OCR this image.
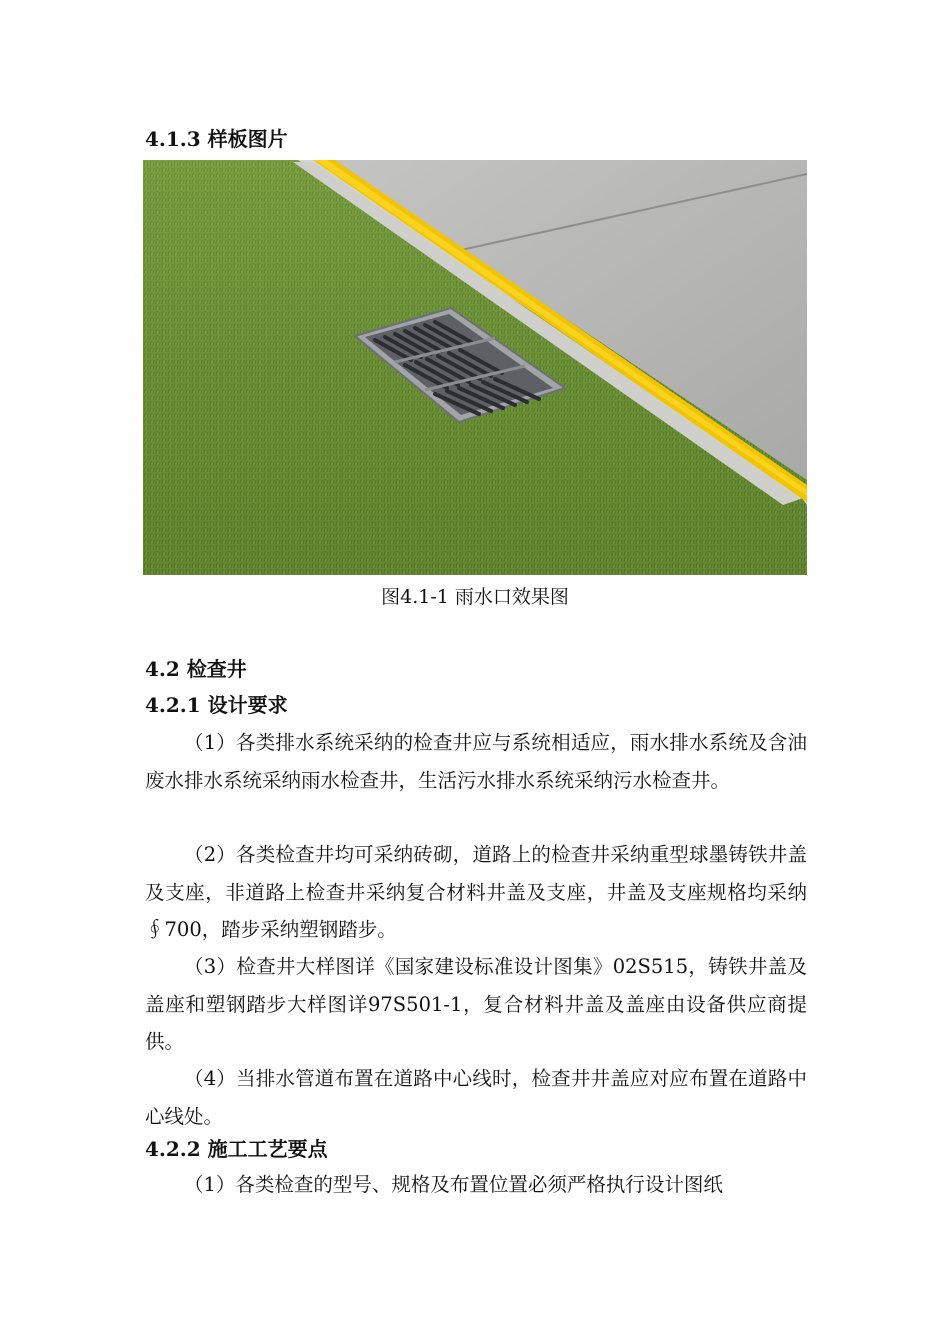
4.1.3 样板图片
图4.1-1 雨水口效果图
4.2 检查井
4.2.1 设计要求

（1）各类排水系统采纳的检查井应与系统相适应，雨水排水系统及含油废水排水系统采纳雨水检查井，生活污水排水系统采纳污水检查井。

（2）各类检查井均可采纳砖砌，道路上的检查井采纳重型球墨铸铁井盖及支座，非道路上检查井采纳复合材料井盖及支座，井盖及支座规格均采纳∮700，踏步采纳塑钢踏步。

（3）检查井大样图详《国家建设标准设计图集》02S515，铸铁井盖及盖座和塑钢踏步大样图详97S501-1，复合材料井盖及盖座由设备供应商提供。

（4）当排水管道布置在道路中心线时，检查井井盖应对应布置在道路中心线处。

4.2.2 施工工艺要点

（1）各类检查的型号、规格及布置位置必须严格执行设计图纸
